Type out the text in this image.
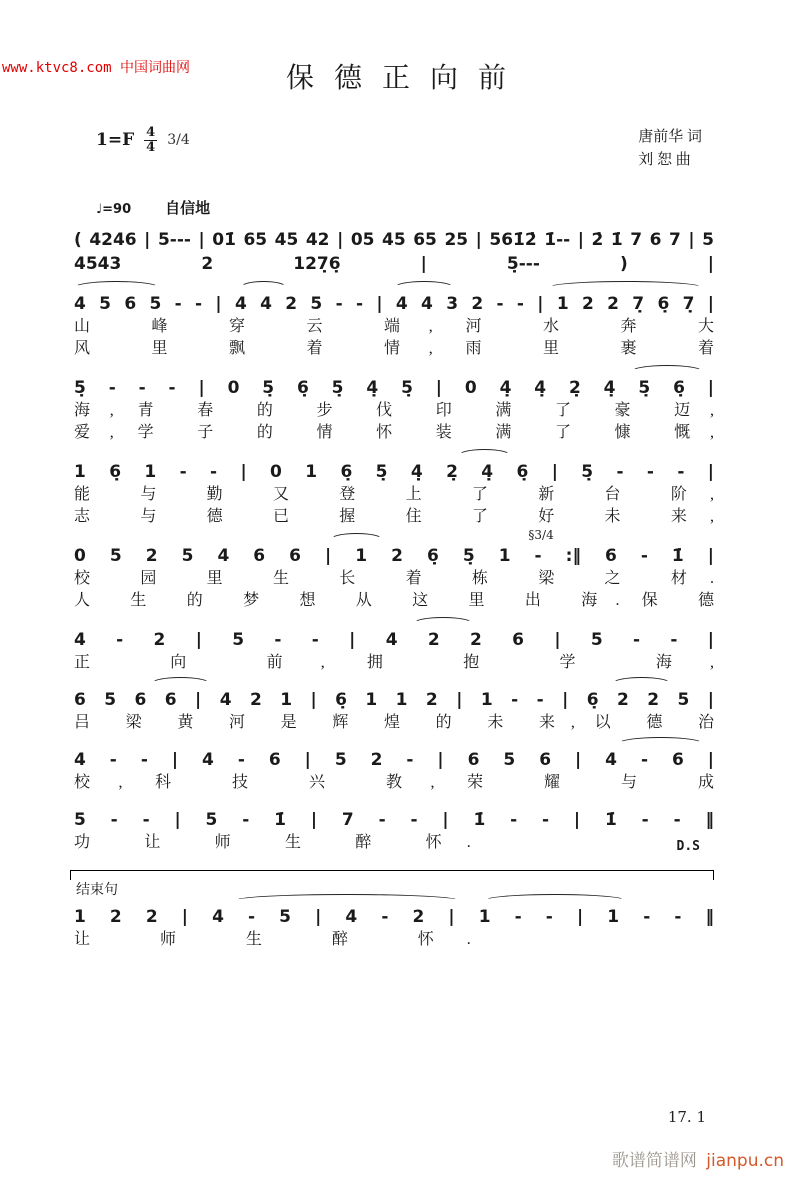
www.ktvc8.com 中国词曲网	保德正向前
$1=F \frac{4}{4} 3/4$	唐前华 词
刘 恕 曲
♩=90 自信地
( 4246 | 5--- | 01̇ 65 45 42 | 05 45 65 25 | 561̇2̇ 1̇-- | 2̇ 1̇ 7 6 7 | 5 4543 2 127̣6̣ | 5̣--- ) |
4 5 6 5 - - | 4 4 2 5 - - | 4 4 3 2 - - | 1 2 2 7̣ 6̣ 7̣ |
山 峰 穿 云 端, 河 水 奔 大
风 里 飘 着 情, 雨 里 裹 着
5̣ - - - | 0 5̣ 6̣ 5̣ 4̣ 5̣ | 0 4̣ 4̣ 2̣ 4̣ 5̣ 6̣ |
海, 青 春 的 步 伐 印 满 了 豪 迈,
爱, 学 子 的 情 怀 装 满 了 慷 慨,
1 6̣ 1 - - | 0 1 6̣ 5̣ 4̣ 2̣ 4̣ 6̣ | 5̣ - - - |
能 与 勤 又 登 上 了 新 台 阶,
志 与 德 已 握 住 了 好 未 来,
§3/4
0 5 2 5 4 6 6 | 1 2 6̣ 5̣ 1 - :‖ 6 - 1̇ |
校 园 里 生 长 着 栋 梁 之 材.
人 生 的 梦 想 从 这 里 出 海. 保 德
4 - 2 | 5 - - | 4 2 2 6 | 5 - - |
正 向 前, 拥 抱 学 海,
6 5 6 6 | 4 2 1 | 6̣ 1 1 2 | 1 - - | 6̣ 2 2 5 |
吕 梁 黄 河 是 辉 煌 的 未 来, 以 德 治
4 - - | 4 - 6 | 5 2 - | 6 5 6 | 4 - 6 |
校, 科 技 兴 教, 荣 耀 与 成
5 - - | 5 - 1̇ | 7 - - | 1̇ - - | 1̇ - - ‖
功 让 师 生 醉 怀.	D.S
结束句
1 2 2 | 4 - 5 | 4 - 2 | 1 - - | 1 - - ‖
让 师 生 醉 怀.
17. 1
歌谱简谱网 jianpu.cn
